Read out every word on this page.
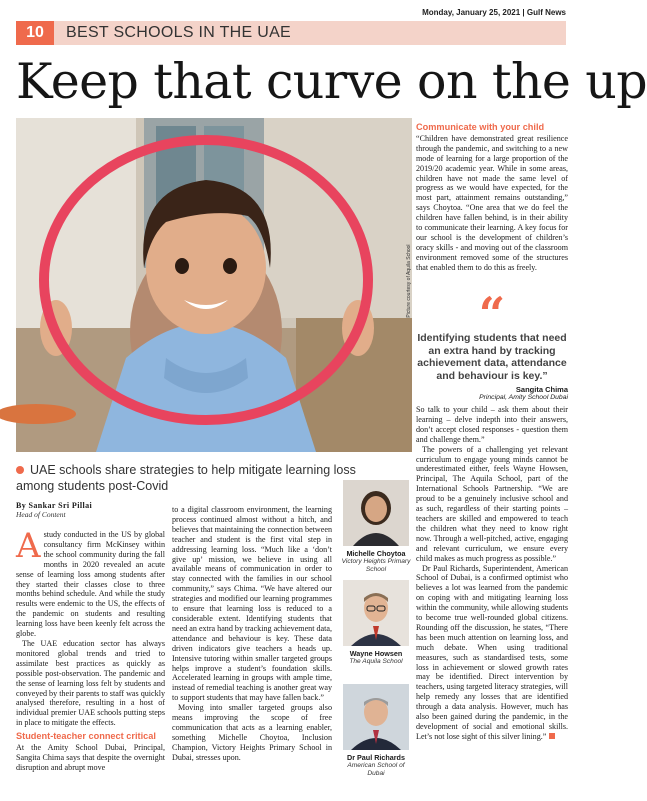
Monday, January 25, 2021 | Gulf News
10	BEST SCHOOLS IN THE UAE
Keep that curve on the up
Picture courtesy of Aquila School
UAE schools share strategies to help mitigate learning loss among students post-Covid
By Sankar Sri Pillai
Head of Content

Astudy conducted in the US by global consultancy firm McKinsey within the school community during the fall months in 2020 revealed an acute sense of learning loss among students after they started their classes close to three months behind schedule. And while the study results were endemic to the US, the effects of the pandemic on students and resulting learning loss have been keenly felt across the globe.

The UAE education sector has always monitored global trends and tried to assimilate best practices as quickly as possible post-observation. The pandemic and the sense of learning loss felt by students and conveyed by their parents to staff was quickly analysed therefore, resulting in a host of individual premier UAE schools putting steps in place to mitigate the effects.

Student-teacher connect critical

At the Amity School Dubai, Principal, Sangita Chima says that despite the overnight disruption and abrupt move

to a digital classroom environment, the learning process continued almost without a hitch, and believes that maintaining the connection between teacher and student is the first vital step in addressing learning loss. “Much like a ‘don’t give up’ mission, we believe in using all available means of communication in order to stay connected with the families in our school community,” says Chima. “We have altered our strategies and modified our learning programmes to ensure that learning loss is reduced to a considerable extent. Identifying students that need an extra hand by tracking achievement data, attendance and behaviour is key. These data driven indicators give teachers a heads up. Intensive tutoring within smaller targeted groups helps improve a student’s foundation skills. Accelerated learning in groups with ample time, instead of remedial teaching is another great way to support students that may have fallen back.”

Moving into smaller targeted groups also means improving the scope of free communication that acts as a learning enabler, something Michelle Choytoa, Inclusion Champion, Victory Heights Primary School in Dubai, stresses upon.

Communicate with your child

“Children have demonstrated great resilience through the pandemic, and switching to a new mode of learning for a large proportion of the 2019/20 academic year. While in some areas, children have not made the same level of progress as we would have expected, for the most part, attainment remains outstanding,” says Choytoa. “One area that we do feel the children have fallen behind, is in their ability to communicate their learning. A key focus for our school is the development of children’s oracy skills - and moving out of the classroom environment removed some of the structures that enabled them to do this as freely.

“
Identifying students that need an extra hand by tracking achievement data, attendance and behaviour is key.”
Sangita Chima
Principal, Amity School Dubai

So talk to your child – ask them about their learning – delve indepth into their answers, don’t accept closed responses - question them and challenge them.”

The powers of a challenging yet relevant curriculum to engage young minds cannot be underestimated either, feels Wayne Howsen, Principal, The Aquila School, part of the International Schools Partnership. “We are proud to be a genuinely inclusive school and as such, regardless of their starting points – teachers are skilled and empowered to teach the children what they need to know right now. Through a well-pitched, active, engaging and relevant curriculum, we ensure every child makes as much progress as possible.”

Dr Paul Richards, Superintendent, American School of Dubai, is a confirmed optimist who believes a lot was learned from the pandemic on coping with and mitigating learning loss within the community, while allowing students to become true well-rounded global citizens. Rounding off the discussion, he states, “There has been much attention on learning loss, and much debate. When using traditional measures, such as standardised tests, some loss in achievement or slowed growth rates may be identified. Direct intervention by teachers, using targeted literacy strategies, will help remedy any losses that are identified through a data analysis. However, much has also been gained during the pandemic, in the development of social and emotional skills. Let’s not lose sight of this silver lining.”

Michelle Choytoa
Victory Heights Primary School
Wayne Howsen
The Aquila School
Dr Paul Richards
American School of Dubai
